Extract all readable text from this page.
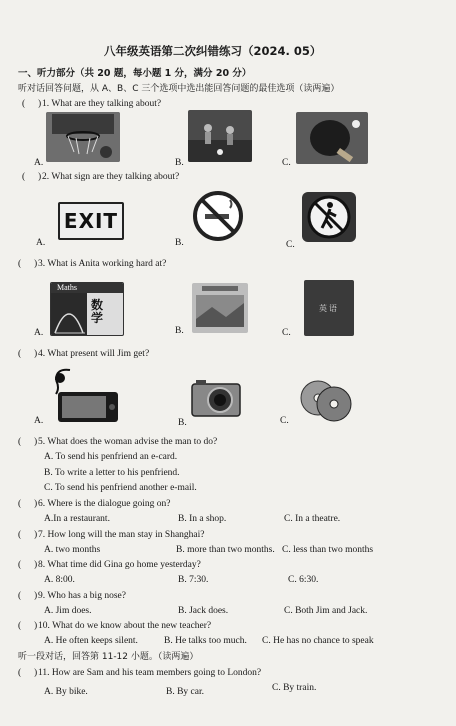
八年级英语第二次纠错练习（2024. 05）
一、听力部分（共 20 题，每小题 1 分，满分 20 分）
听对话回答问题，从 A、B、C 三个选项中选出能回答问题的最佳选项（读两遍）
( ) 1. What are they talking about?
A.	B.	C.
( ) 2. What sign are they talking about?
A.	B.	C.
EXIT
( ) 3. What is Anita working hard at?
A.	B.	C.
Maths
数学
英语
( ) 4. What present will Jim get?
A.	B.	C.
( ) 5. What does the woman advise the man to do?
A. To send his penfriend an e-card.
B. To write a letter to his penfriend.
C. To send his penfriend another e-mail.
( ) 6. Where is the dialogue going on?
A.In a restaurant.	B. In a shop.	C. In a theatre.
( ) 7. How long will the man stay in Shanghai?
A. two months	B. more than two months. C. less than two months
( ) 8. What time did Gina go home yesterday?
A. 8:00.	B. 7:30.	C. 6:30.
( ) 9. Who has a big nose?
A. Jim does.	B. Jack does.	C. Both Jim and Jack.
( ) 10. What do we know about the new teacher?
A. He often keeps silent.	B. He talks too much. C. He has no chance to speak
听一段对话，回答第 11-12 小题。（读两遍）
( ) 11. How are Sam and his team members going to London?
A. By bike.	B. By car.	C. By train.
